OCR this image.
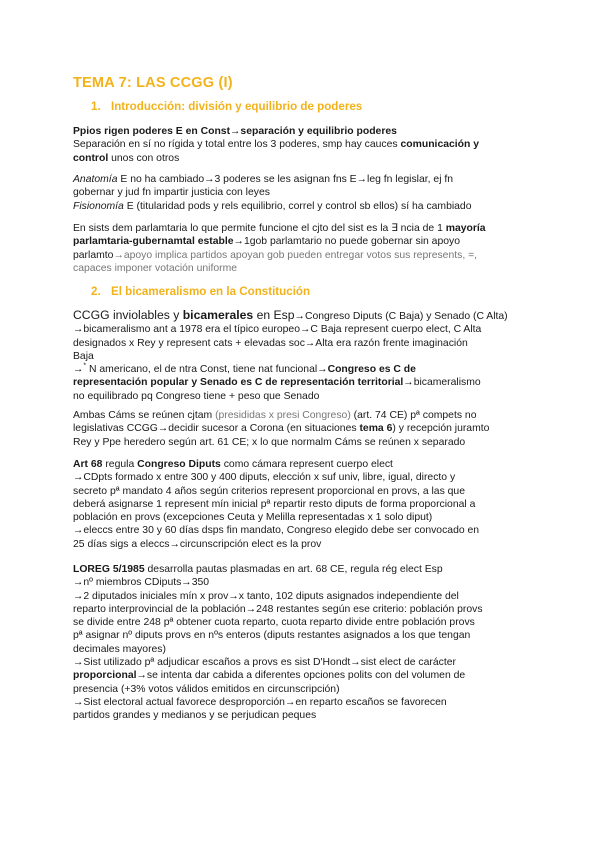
TEMA 7: LAS CCGG (I)
1. Introducción: división y equilibrio de poderes

Ppios rigen poderes E en Const→separación y equilibrio poderes

Separación en sí no rígida y total entre los 3 poderes, smp hay cauces comunicación y

control unos con otros

Anatomía E no ha cambiado→3 poderes se les asignan fns E→leg fn legislar, ej fn

gobernar y jud fn impartir justicia con leyes

Fisionomía E (titularidad pods y rels equilibrio, correl y control sb ellos) sí ha cambiado

En sists dem parlamtaria lo que permite funcione el cjto del sist es la ∃ ncia de 1 mayoría

parlamtaria-gubernamtal estable→1gob parlamtario no puede gobernar sin apoyo

parlamto→apoyo implica partidos apoyan gob pueden entregar votos sus represents, =,

capaces imponer votación uniforme

2. El bicameralismo en la Constitución

CCGG inviolables y bicamerales en Esp→Congreso Diputs (C Baja) y Senado (C Alta)

→bicameralismo ant a 1978 era el típico europeo→C Baja represent cuerpo elect, C Alta

designados x Rey y represent cats + elevadas soc→Alta era razón frente imaginación

Baja

→* N americano, el de ntra Const, tiene nat funcional→Congreso es C de

representación popular y Senado es C de representación territorial→bicameralismo

no equilibrado pq Congreso tiene + peso que Senado

Ambas Cáms se reúnen cjtam (presididas x presi Congreso) (art. 74 CE) pª compets no

legislativas CCGG→decidir sucesor a Corona (en situaciones tema 6) y recepción juramto

Rey y Ppe heredero según art. 61 CE; x lo que normalm Cáms se reúnen x separado

Art 68 regula Congreso Diputs como cámara represent cuerpo elect

→CDpts formado x entre 300 y 400 diputs, elección x suf univ, libre, igual, directo y

secreto pª mandato 4 años según criterios represent proporcional en provs, a las que

deberá asignarse 1 represent mín inicial pª repartir resto diputs de forma proporcional a

población en provs (excepciones Ceuta y Melilla representadas x 1 solo diput)

→eleccs entre 30 y 60 días dsps fin mandato, Congreso elegido debe ser convocado en

25 días sigs a eleccs→circunscripción elect es la prov

LOREG 5/1985 desarrolla pautas plasmadas en art. 68 CE, regula rég elect Esp

→nº miembros CDiputs→350

→2 diputados iniciales mín x prov→x tanto, 102 diputs asignados independiente del

reparto interprovincial de la población→248 restantes según ese criterio: población provs

se divide entre 248 pª obtener cuota reparto, cuota reparto divide entre población provs

pª asignar nº diputs provs en nºs enteros (diputs restantes asignados a los que tengan

decimales mayores)

→Sist utilizado pª adjudicar escaños a provs es sist D'Hondt→sist elect de carácter

proporcional→se intenta dar cabida a diferentes opciones polits con del volumen de

presencia (+3% votos válidos emitidos en circunscripción)

→Sist electoral actual favorece desproporción→en reparto escaños se favorecen

partidos grandes y medianos y se perjudican peques
